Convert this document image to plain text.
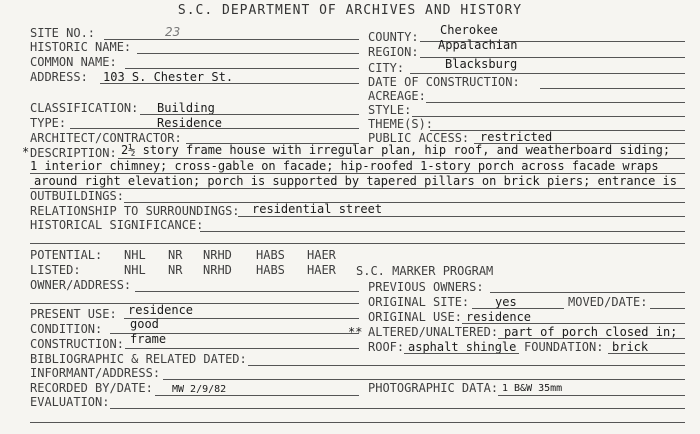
S.C. DEPARTMENT OF ARCHIVES AND HISTORY
SITE NO.:	23
HISTORIC NAME:
COMMON NAME:
ADDRESS: 103 S. Chester St.
COUNTY: Cherokee
REGION: Appalachian
CITY:	Blacksburg
DATE OF CONSTRUCTION:
ACREAGE:
CLASSIFICATION: Building
TYPE:	Residence
STYLE:
THEME(S):
ARCHITECT/CONTRACTOR:	PUBLIC ACCESS: restricted
* DESCRIPTION: 2½ story frame house with irregular plan, hip roof, and weatherboard siding;
1 interior chimney; cross-gable on facade; hip-roofed 1-story porch across facade wraps
around right elevation; porch is supported by tapered pillars on brick piers; entrance is
OUTBUILDINGS:
RELATIONSHIP TO SURROUNDINGS: residential street
HISTORICAL SIGNIFICANCE:
POTENTIAL: NHL NR NRHD HABS HAER
LISTED:	NHL NR NRHD HABS HAER
OWNER/ADDRESS:
S.C. MARKER PROGRAM
PREVIOUS OWNERS:
ORIGINAL SITE: yes	MOVED/DATE:
PRESENT USE: residence	ORIGINAL USE: residence
CONDITION: good
CONSTRUCTION: frame	** ALTERED/UNALTERED: part of porch closed in;
ROOF: asphalt shingle FOUNDATION: brick
BIBLIOGRAPHIC & RELATED DATED:
INFORMANT/ADDRESS:
RECORDED BY/DATE: MW 2/9/82	PHOTOGRAPHIC DATA: 1 B&W 35mm
EVALUATION:
